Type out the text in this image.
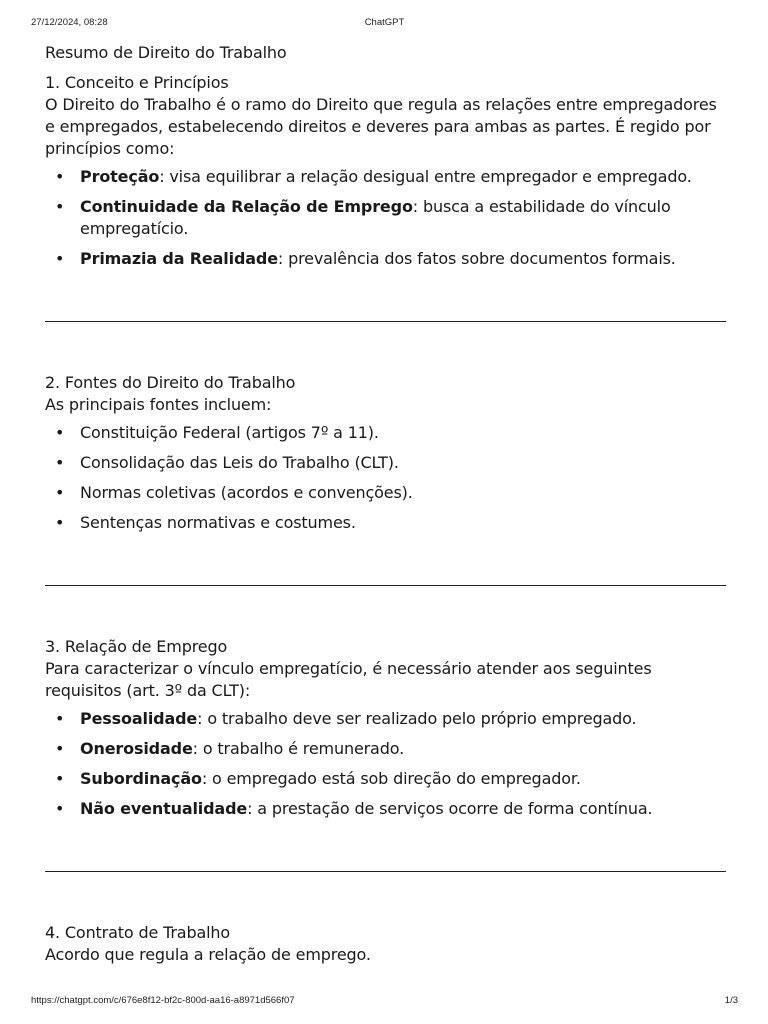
27/12/2024, 08:28	ChatGPT

Resumo de Direito do Trabalho

1. Conceito e Princípios

O Direito do Trabalho é o ramo do Direito que regula as relações entre empregadores e empregados, estabelecendo direitos e deveres para ambas as partes. É regido por princípios como:

• Proteção: visa equilibrar a relação desigual entre empregador e empregado.
• Continuidade da Relação de Emprego: busca a estabilidade do vínculo empregatício.
• Primazia da Realidade: prevalência dos fatos sobre documentos formais.

2. Fontes do Direito do Trabalho

As principais fontes incluem:

• Constituição Federal (artigos 7º a 11).
• Consolidação das Leis do Trabalho (CLT).
• Normas coletivas (acordos e convenções).
• Sentenças normativas e costumes.

3. Relação de Emprego

Para caracterizar o vínculo empregatício, é necessário atender aos seguintes requisitos (art. 3º da CLT):

• Pessoalidade: o trabalho deve ser realizado pelo próprio empregado.
• Onerosidade: o trabalho é remunerado.
• Subordinação: o empregado está sob direção do empregador.
• Não eventualidade: a prestação de serviços ocorre de forma contínua.

4. Contrato de Trabalho

Acordo que regula a relação de emprego.

https://chatgpt.com/c/676e8f12-bf2c-800d-aa16-a8971d566f07	1/3
